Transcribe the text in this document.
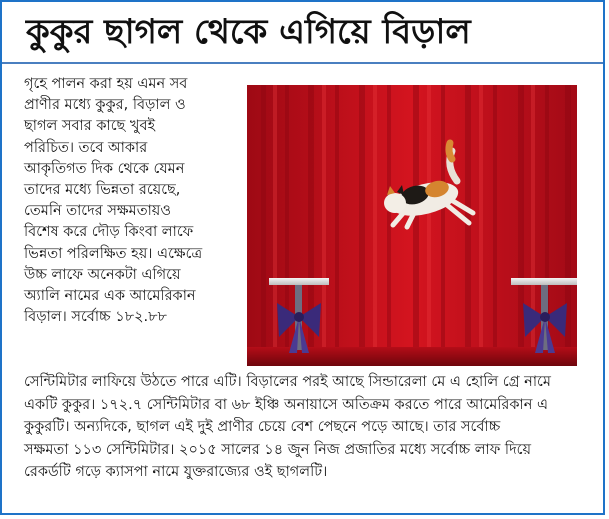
কুকুর ছাগল থেকে এগিয়ে বিড়াল

গৃহে পালন করা হয় এমন সব

প্রাণীর মধ্যে কুকুর, বিড়াল ও

ছাগল সবার কাছে খুবই

পরিচিত। তবে আকার

আকৃতিগত দিক থেকে যেমন

তাদের মধ্যে ভিন্নতা রয়েছে,

তেমনি তাদের সক্ষমতায়ও

বিশেষ করে দৌড় কিংবা লাফে

ভিন্নতা পরিলক্ষিত হয়। এক্ষেত্রে

উচ্চ লাফে অনেকটা এগিয়ে

অ্যালি নামের এক আমেরিকান

বিড়াল। সর্বোচ্চ ১৮২.৮৮

সেন্টিমিটার লাফিয়ে উঠতে পারে এটি। বিড়ালের পরই আছে সিন্ডারেলা মে এ হোলি গ্রে নামে

একটি কুকুর। ১৭২.৭ সেন্টিমিটার বা ৬৮ ইঞ্চি অনায়াসে অতিক্রম করতে পারে আমেরিকান এ

কুকুরটি। অন্যদিকে, ছাগল এই দুই প্রাণীর চেয়ে বেশ পেছনে পড়ে আছে। তার সর্বোচ্চ

সক্ষমতা ১১৩ সেন্টিমিটার। ২০১৫ সালের ১৪ জুন নিজ প্রজাতির মধ্যে সর্বোচ্চ লাফ দিয়ে

রেকর্ডটি গড়ে ক্যাসপা নামে যুক্তরাজ্যের ওই ছাগলটি।
